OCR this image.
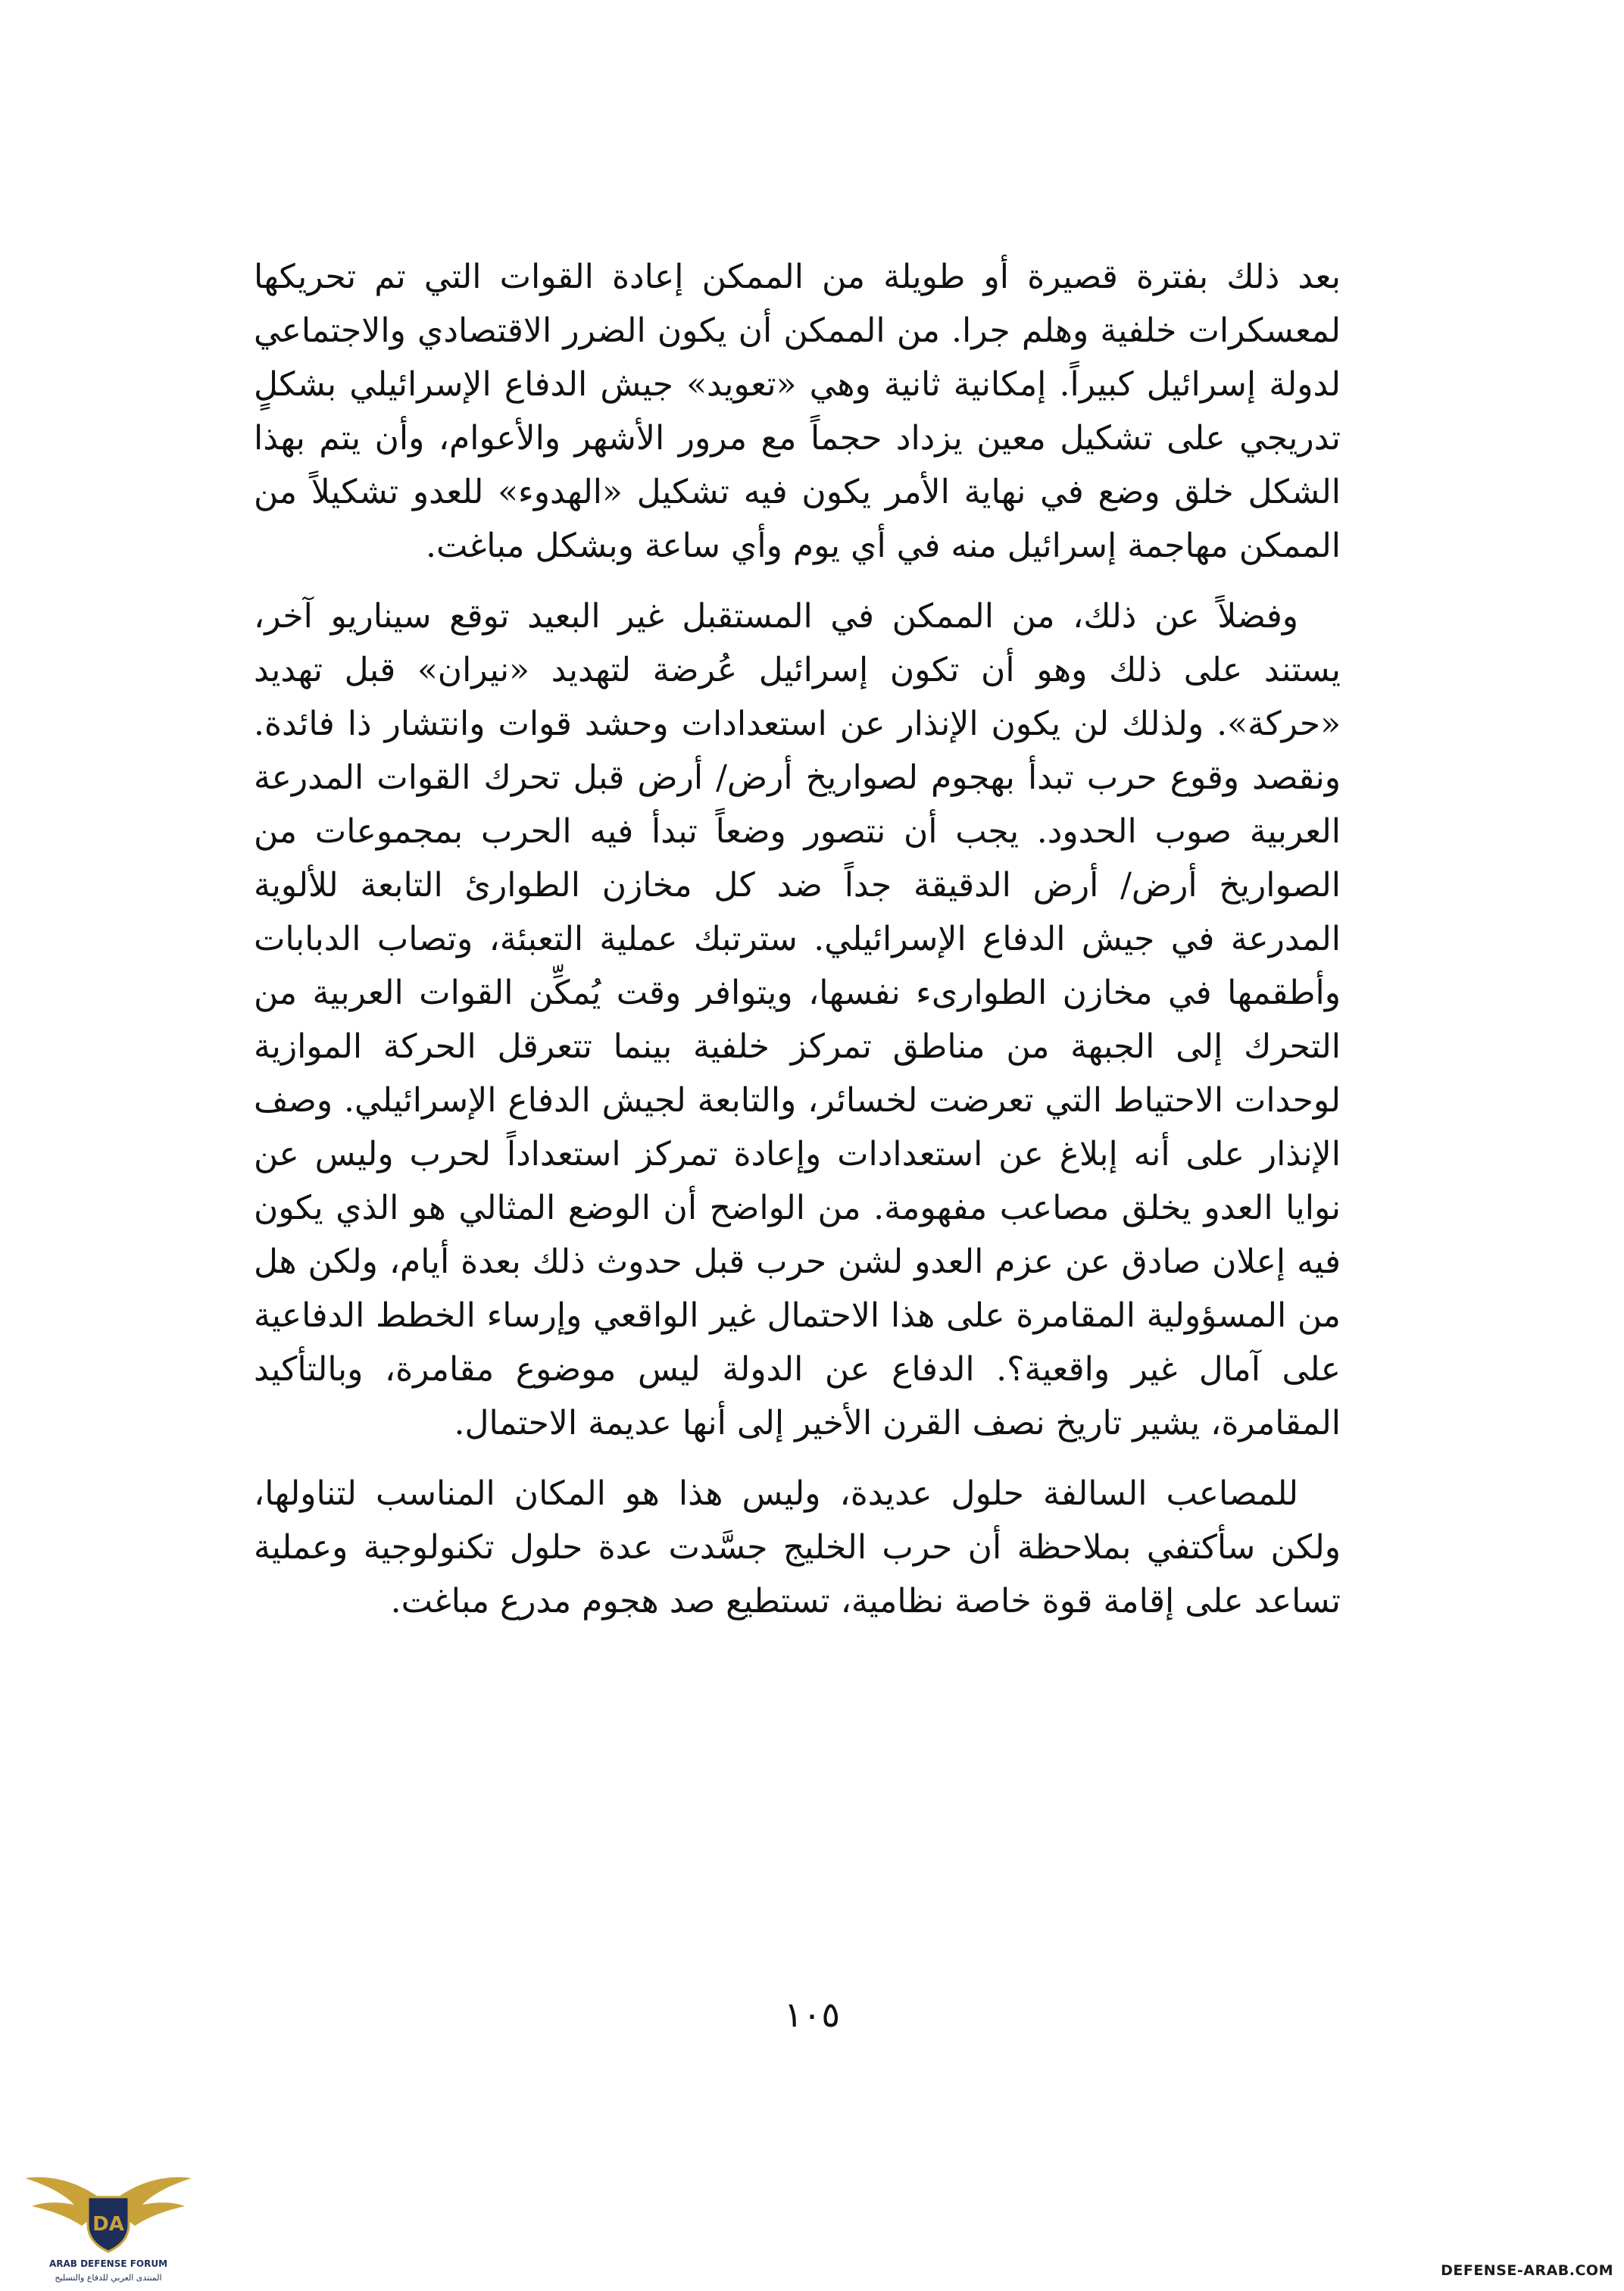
بعد ذلك بفترة قصيرة أو طويلة من الممكن إعادة القوات التي تم تحريكها لمعسكرات خلفية وهلم جرا. من الممكن أن يكون الضرر الاقتصادي والاجتماعي لدولة إسرائيل كبيراً. إمكانية ثانية وهي «تعويد» جيش الدفاع الإسرائيلي بشكلٍ تدريجي على تشكيل معين يزداد حجماً مع مرور الأشهر والأعوام، وأن يتم بهذا الشكل خلق وضع في نهاية الأمر يكون فيه تشكيل «الهدوء» للعدو تشكيلاً من الممكن مهاجمة إسرائيل منه في أي يوم وأي ساعة وبشكل مباغت.

وفضلاً عن ذلك، من الممكن في المستقبل غير البعيد توقع سيناريو آخر، يستند على ذلك وهو أن تكون إسرائيل عُرضة لتهديد «نيران» قبل تهديد «حركة». ولذلك لن يكون الإنذار عن استعدادات وحشد قوات وانتشار ذا فائدة. ونقصد وقوع حرب تبدأ بهجوم لصواريخ أرض/ أرض قبل تحرك القوات المدرعة العربية صوب الحدود. يجب أن نتصور وضعاً تبدأ فيه الحرب بمجموعات من الصواريخ أرض/ أرض الدقيقة جداً ضد كل مخازن الطوارئ التابعة للألوية المدرعة في جيش الدفاع الإسرائيلي. سترتبك عملية التعبئة، وتصاب الدبابات وأطقمها في مخازن الطوارىء نفسها، ويتوافر وقت يُمكِّن القوات العربية من التحرك إلى الجبهة من مناطق تمركز خلفية بينما تتعرقل الحركة الموازية لوحدات الاحتياط التي تعرضت لخسائر، والتابعة لجيش الدفاع الإسرائيلي. وصف الإنذار على أنه إبلاغ عن استعدادات وإعادة تمركز استعداداً لحرب وليس عن نوايا العدو يخلق مصاعب مفهومة. من الواضح أن الوضع المثالي هو الذي يكون فيه إعلان صادق عن عزم العدو لشن حرب قبل حدوث ذلك بعدة أيام، ولكن هل من المسؤولية المقامرة على هذا الاحتمال غير الواقعي وإرساء الخطط الدفاعية على آمال غير واقعية؟. الدفاع عن الدولة ليس موضوع مقامرة، وبالتأكيد المقامرة، يشير تاريخ نصف القرن الأخير إلى أنها عديمة الاحتمال.

للمصاعب السالفة حلول عديدة، وليس هذا هو المكان المناسب لتناولها، ولكن سأكتفي بملاحظة أن حرب الخليج جسَّدت عدة حلول تكنولوجية وعملية تساعد على إقامة قوة خاصة نظامية، تستطيع صد هجوم مدرع مباغت.

١٠٥
DA
ARAB DEFENSE FORUM
المنتدى العربي للدفاع والتسليح	DEFENSE-ARAB.COM
